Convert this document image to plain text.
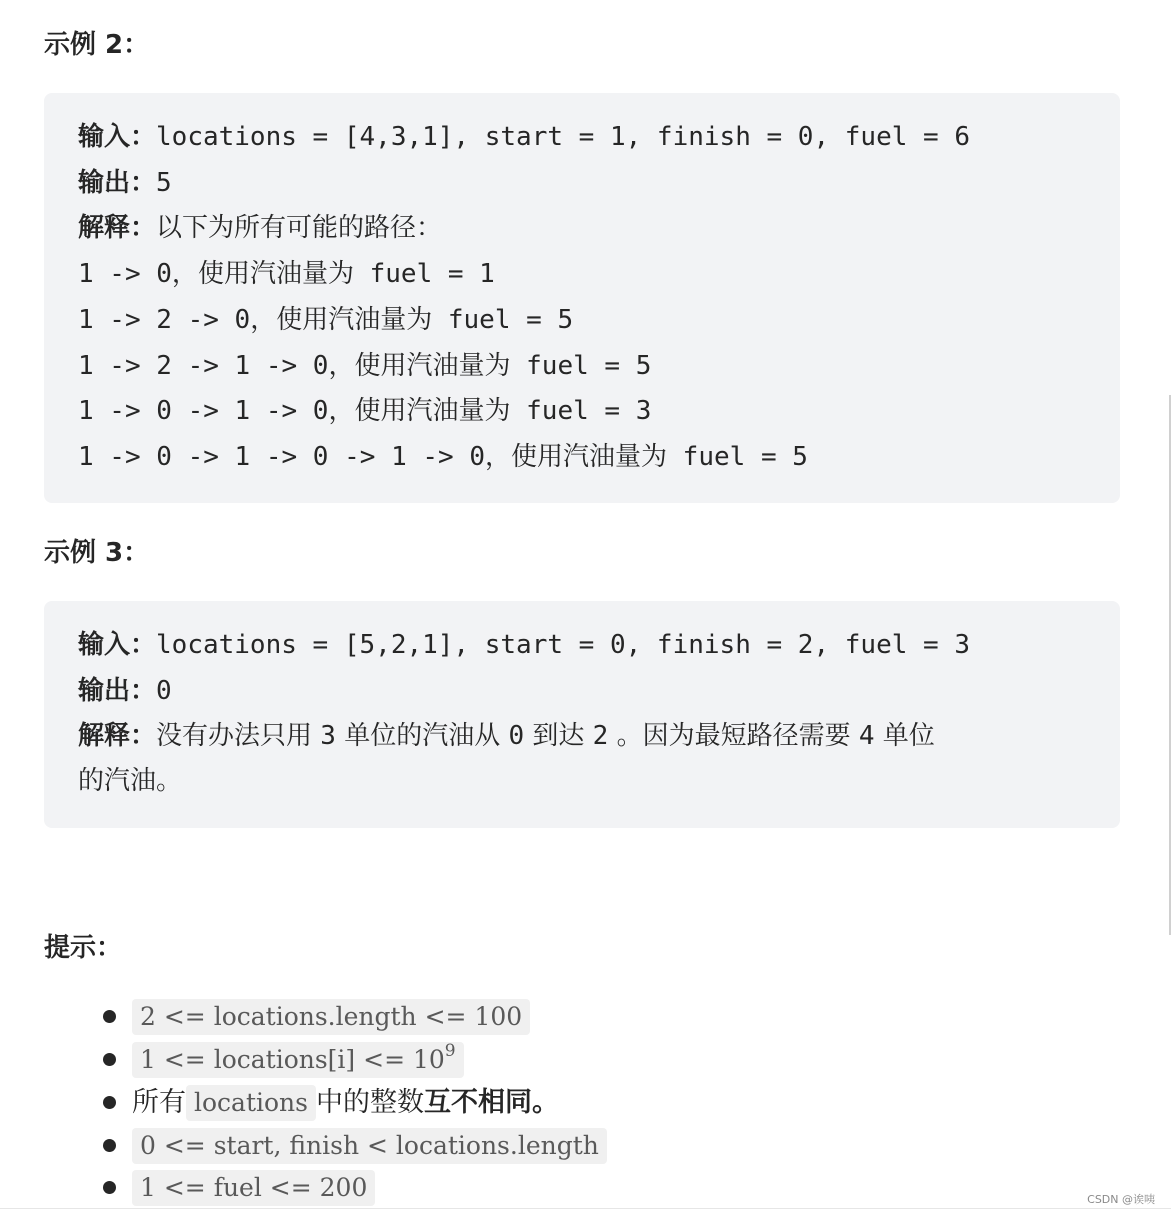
示例 2：
输入：locations = [4,3,1], start = 1, finish = 0, fuel = 6
输出：5
解释：以下为所有可能的路径：
1 -> 0，使用汽油量为 fuel = 1
1 -> 2 -> 0，使用汽油量为 fuel = 5
1 -> 2 -> 1 -> 0，使用汽油量为 fuel = 5
1 -> 0 -> 1 -> 0，使用汽油量为 fuel = 3
1 -> 0 -> 1 -> 0 -> 1 -> 0，使用汽油量为 fuel = 5
示例 3：
输入：locations = [5,2,1], start = 0, finish = 2, fuel = 3
输出：0
解释：没有办法只用 3 单位的汽油从 0 到达 2 。因为最短路径需要 4 单位
的汽油。
提示：
2 <= locations.length <= 100
1 <= locations[i] <= $10^9$
所有 locations 中的整数 互不相同 。
0 <= start, finish < locations.length
1 <= fuel <= 200	CSDN @诶咦
